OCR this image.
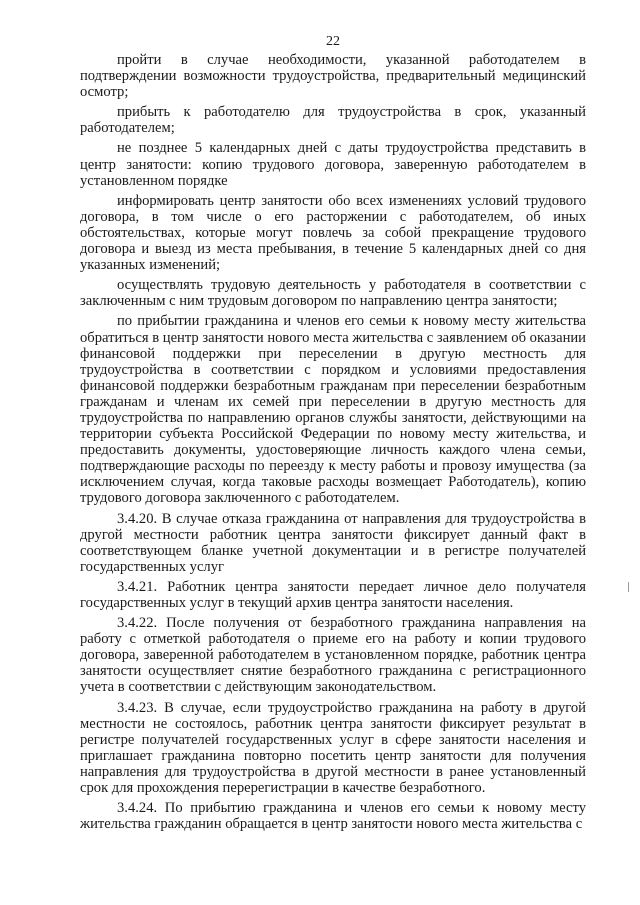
22

пройти в случае необходимости, указанной работодателем в подтверждении возможности трудоустройства, предварительный медицинский осмотр;

прибыть к работодателю для трудоустройства в срок, указанный работодателем;

не позднее 5 календарных дней с даты трудоустройства представить в центр занятости: копию трудового договора, заверенную работодателем в установленном порядке

информировать центр занятости обо всех изменениях условий трудового договора, в том числе о его расторжении с работодателем, об иных обстоятельствах, которые могут повлечь за собой прекращение трудового договора и выезд из места пребывания, в течение 5 календарных дней со дня указанных изменений;

осуществлять трудовую деятельность у работодателя в соответствии с заключенным с ним трудовым договором по направлению центра занятости;

по прибытии гражданина и членов его семьи к новому месту жительства обратиться в центр занятости нового места жительства с заявлением об оказании финансовой поддержки при переселении в другую местность для трудоустройства в соответствии с порядком и условиями предоставления финансовой поддержки безработным гражданам при переселении безработным гражданам и членам их семей при переселении в другую местность для трудоустройства по направлению органов службы занятости, действующими на территории субъекта Российской Федерации по новому месту жительства, и предоставить документы, удостоверяющие личность каждого члена семьи, подтверждающие расходы по переезду к месту работы и провозу имущества (за исключением случая, когда таковые расходы возмещает Работодатель), копию трудового договора заключенного с работодателем.

3.4.20. В случае отказа гражданина от направления для трудоустройства в другой местности работник центра занятости фиксирует данный факт в соответствующем бланке учетной документации и в регистре получателей государственных услуг

3.4.21. Работник центра занятости передает личное дело получателя государственных услуг в текущий архив центра занятости населения.

3.4.22. После получения от безработного гражданина направления на работу с отметкой работодателя о приеме его на работу и копии трудового договора, заверенной работодателем в установленном порядке, работник центра занятости осуществляет снятие безработного гражданина с регистрационного учета в соответствии с действующим законодательством.

3.4.23. В случае, если трудоустройство гражданина на работу в другой местности не состоялось, работник центра занятости фиксирует результат в регистре получателей государственных услуг в сфере занятости населения и приглашает гражданина повторно посетить центр занятости для получения направления для трудоустройства в другой местности в ранее установленный срок для прохождения перерегистрации в качестве безработного.

3.4.24. По прибытию гражданина и членов его семьи к новому месту жительства гражданин обращается в центр занятости нового места жительства с
